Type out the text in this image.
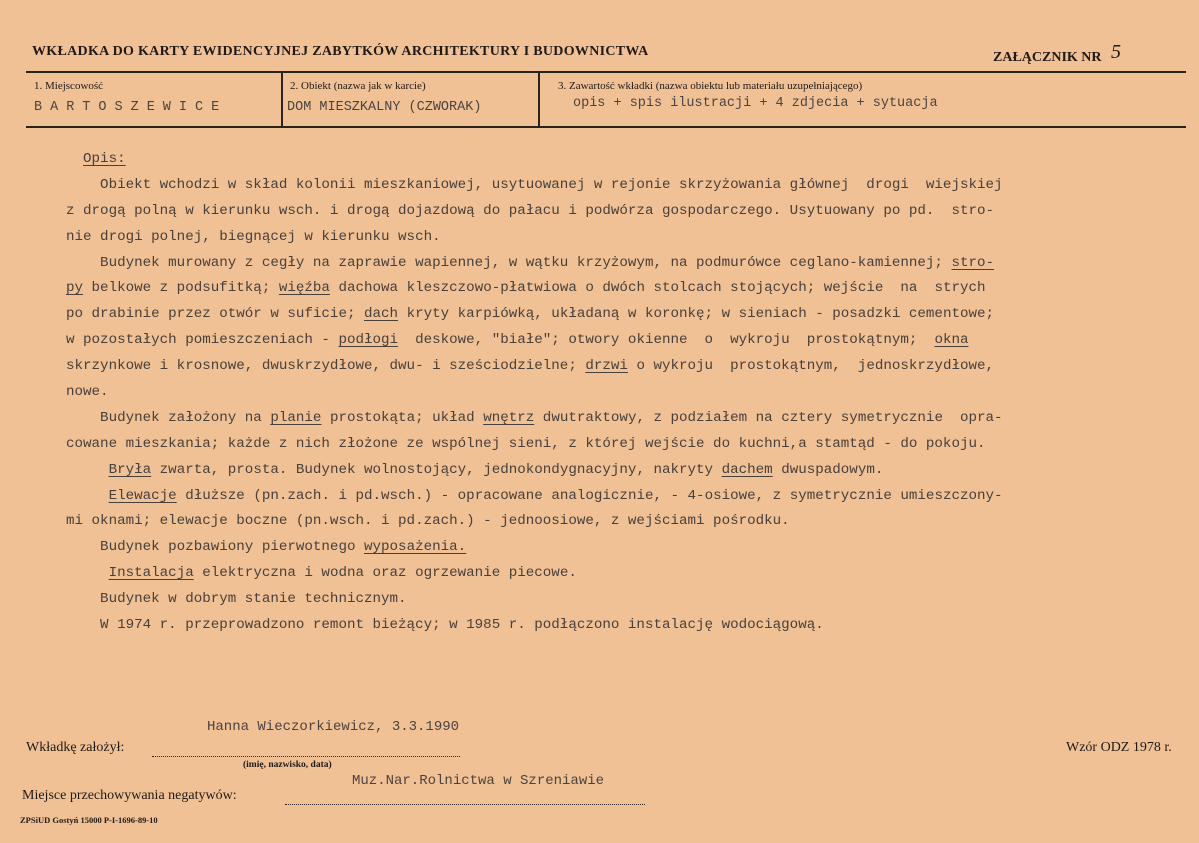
WKŁADKA DO KARTY EWIDENCYJNEJ ZABYTKÓW ARCHITEKTURY I BUDOWNICTWA	ZAŁĄCZNIK NR 5
1. Miejscowość
BARTOSZEWICE
2. Obiekt (nazwa jak w karcie)
DOM MIESZKALNY (CZWORAK)
3. Zawartość wkładki (nazwa obiektu lub materiału uzupełniającego)
opis + spis ilustracji + 4 zdjecia + sytuacja
Opis:
Obiekt wchodzi w skład kolonii mieszkaniowej, usytuowanej w rejonie skrzyżowania głównej  drogi  wiejskiej
z drogą polną w kierunku wsch. i drogą dojazdową do pałacu i podwórza gospodarczego. Usytuowany po pd.  stro-
nie drogi polnej, biegnącej w kierunku wsch.
Budynek murowany z cegły na zaprawie wapiennej, w wątku krzyżowym, na podmurówce ceglano-kamiennej; stro-
py belkowe z podsufitką; więźba dachowa kleszczowo-płatwiowa o dwóch stolcach stojących; wejście  na  strych
po drabinie przez otwór w suficie; dach kryty karpiówką, układaną w koronkę; w sieniach - posadzki cementowe;
w pozostałych pomieszczeniach - podłogi  deskowe, "białe"; otwory okienne  o  wykroju  prostokątnym;  okna
skrzynkowe i krosnowe, dwuskrzydłowe, dwu- i sześciodzielne; drzwi o wykroju  prostokątnym,  jednoskrzydłowe,
nowe.
Budynek założony na planie prostokąta; układ wnętrz dwutraktowy, z podziałem na cztery symetrycznie  opra-
cowane mieszkania; każde z nich złożone ze wspólnej sieni, z której wejście do kuchni,a stamtąd - do pokoju.
Bryła zwarta, prosta. Budynek wolnostojący, jednokondygnacyjny, nakryty dachem dwuspadowym.
Elewacje dłuższe (pn.zach. i pd.wsch.) - opracowane analogicznie, - 4-osiowe, z symetrycznie umieszczony-
mi oknami; elewacje boczne (pn.wsch. i pd.zach.) - jednoosiowe, z wejściami pośrodku.
Budynek pozbawiony pierwotnego wyposażenia.
Instalacja elektryczna i wodna oraz ogrzewanie piecowe.
Budynek w dobrym stanie technicznym.
W 1974 r. przeprowadzono remont bieżący; w 1985 r. podłączono instalację wodociągową.
Hanna Wieczorkiewicz, 3.3.1990
Wkładkę założył:
(imię, nazwisko, data)
Wzór ODZ 1978 r.
Muz.Nar.Rolnictwa w Szreniawie
Miejsce przechowywania negatywów:
ZPSiUD Gostyń 15000 P-I-1696-89-10
